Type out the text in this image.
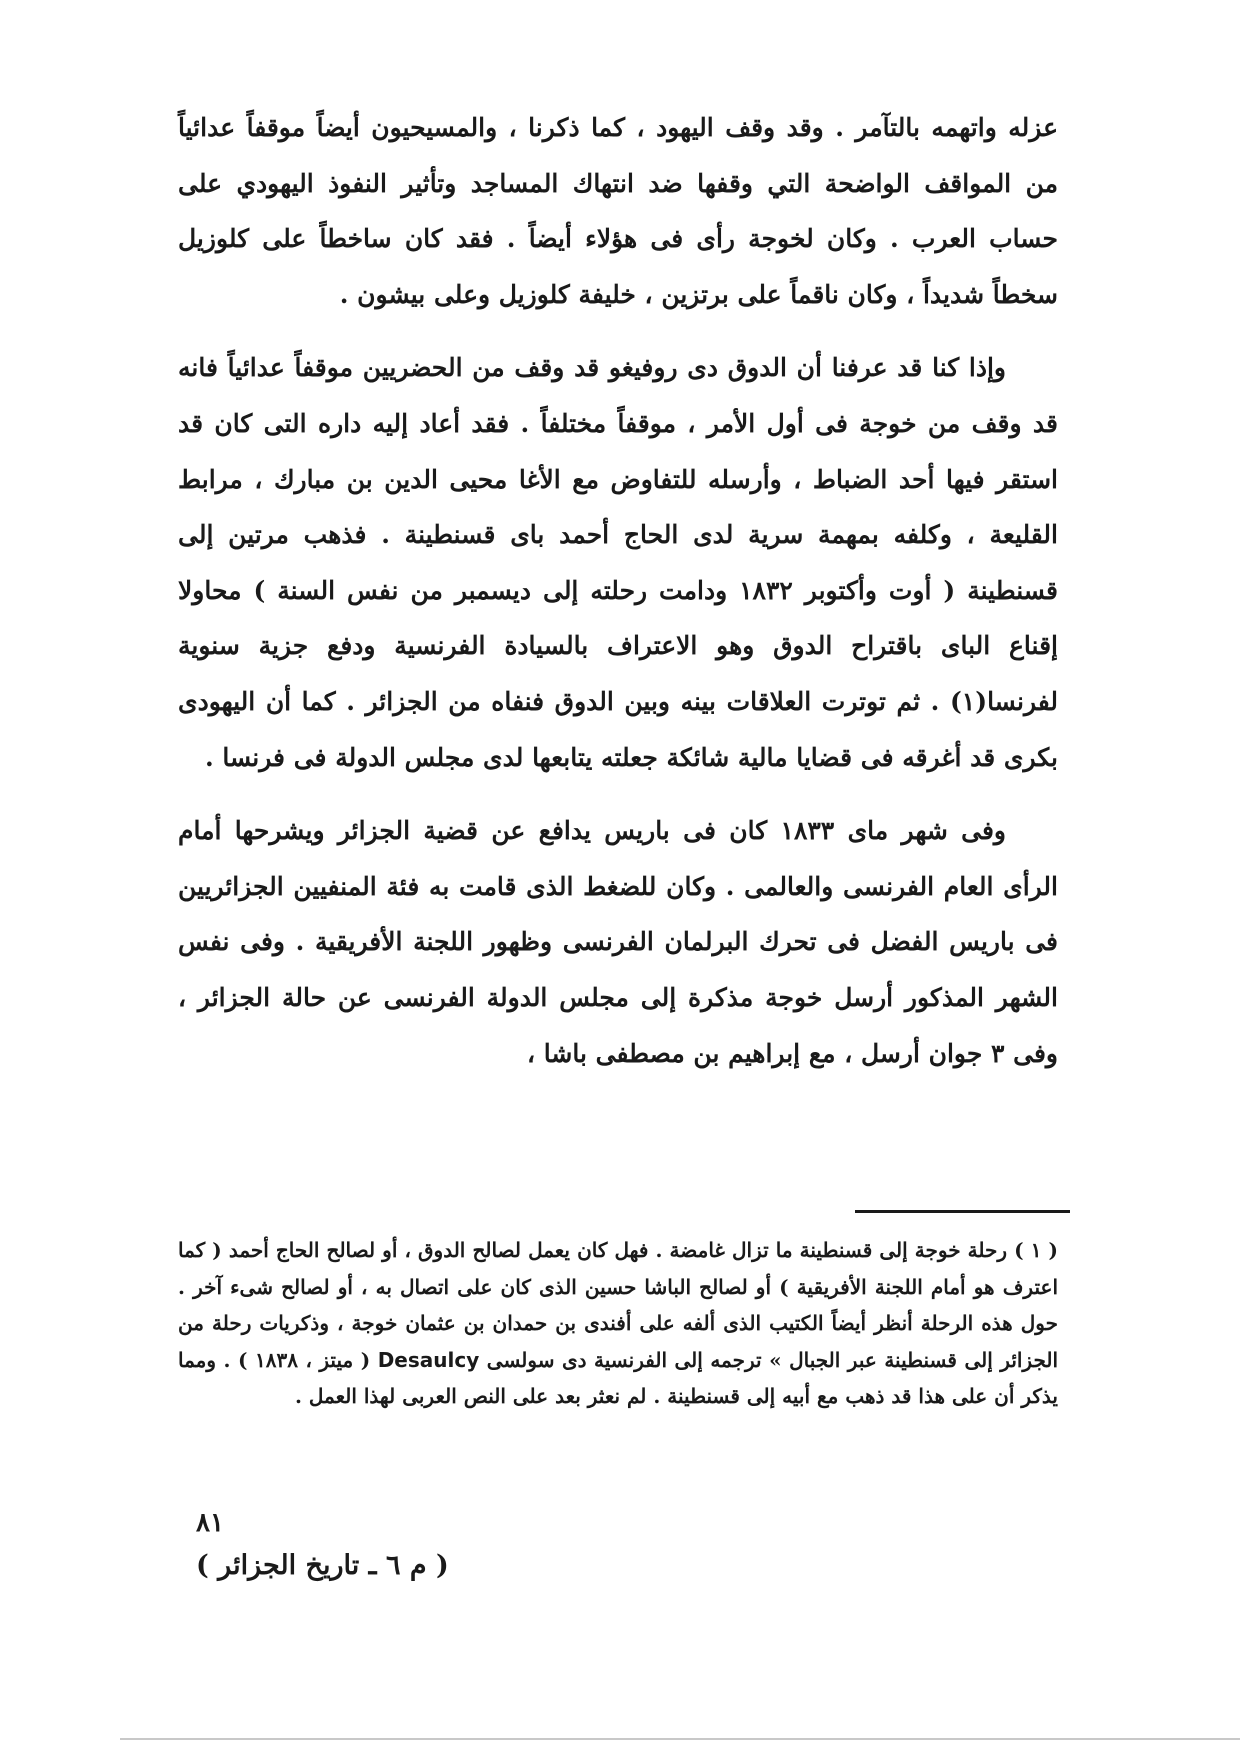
عزله واتهمه بالتآمر . وقد وقف اليهود ، كما ذكرنا ، والمسيحيون أيضاً موقفاً عدائياً من المواقف الواضحة التي وقفها ضد انتهاك المساجد وتأثير النفوذ اليهودي على حساب العرب . وكان لخوجة رأى فى هؤلاء أيضاً . فقد كان ساخطاً على كلوزيل سخطاً شديداً ، وكان ناقماً على برتزين ، خليفة كلوزيل وعلى بيشون .

وإذا كنا قد عرفنا أن الدوق دى روفيغو قد وقف من الحضريين موقفاً عدائياً فانه قد وقف من خوجة فى أول الأمر ، موقفاً مختلفاً . فقد أعاد إليه داره التى كان قد استقر فيها أحد الضباط ، وأرسله للتفاوض مع الأغا محيى الدين بن مبارك ، مرابط القليعة ، وكلفه بمهمة سرية لدى الحاج أحمد باى قسنطينة . فذهب مرتين إلى قسنطينة ( أوت وأكتوبر ١٨٣٢ ودامت رحلته إلى ديسمبر من نفس السنة ) محاولا إقناع الباى باقتراح الدوق وهو الاعتراف بالسيادة الفرنسية ودفع جزية سنوية لفرنسا(١) . ثم توترت العلاقات بينه وبين الدوق فنفاه من الجزائر . كما أن اليهودى بكرى قد أغرقه فى قضايا مالية شائكة جعلته يتابعها لدى مجلس الدولة فى فرنسا .

وفى شهر ماى ١٨٣٣ كان فى باريس يدافع عن قضية الجزائر ويشرحها أمام الرأى العام الفرنسى والعالمى . وكان للضغط الذى قامت به فئة المنفيين الجزائريين فى باريس الفضل فى تحرك البرلمان الفرنسى وظهور اللجنة الأفريقية . وفى نفس الشهر المذكور أرسل خوجة مذكرة إلى مجلس الدولة الفرنسى عن حالة الجزائر ، وفى ٣ جوان أرسل ، مع إبراهيم بن مصطفى باشا ،

( ١ ) رحلة خوجة إلى قسنطينة ما تزال غامضة . فهل كان يعمل لصالح الدوق ، أو لصالح الحاج أحمد ( كما اعترف هو أمام اللجنة الأفريقية ) أو لصالح الباشا حسين الذى كان على اتصال به ، أو لصالح شىء آخر . حول هذه الرحلة أنظر أيضاً الكتيب الذى ألفه على أفندى بن حمدان بن عثمان خوجة ، وذكريات رحلة من الجزائر إلى قسنطينة عبر الجبال » ترجمه إلى الفرنسية دى سولسى Desaulcy ( ميتز ، ١٨٣٨ ) . ومما يذكر أن على هذا قد ذهب مع أبيه إلى قسنطينة . لم نعثر بعد على النص العربى لهذا العمل .

٨١
( م ٦ ـ تاريخ الجزائر )
